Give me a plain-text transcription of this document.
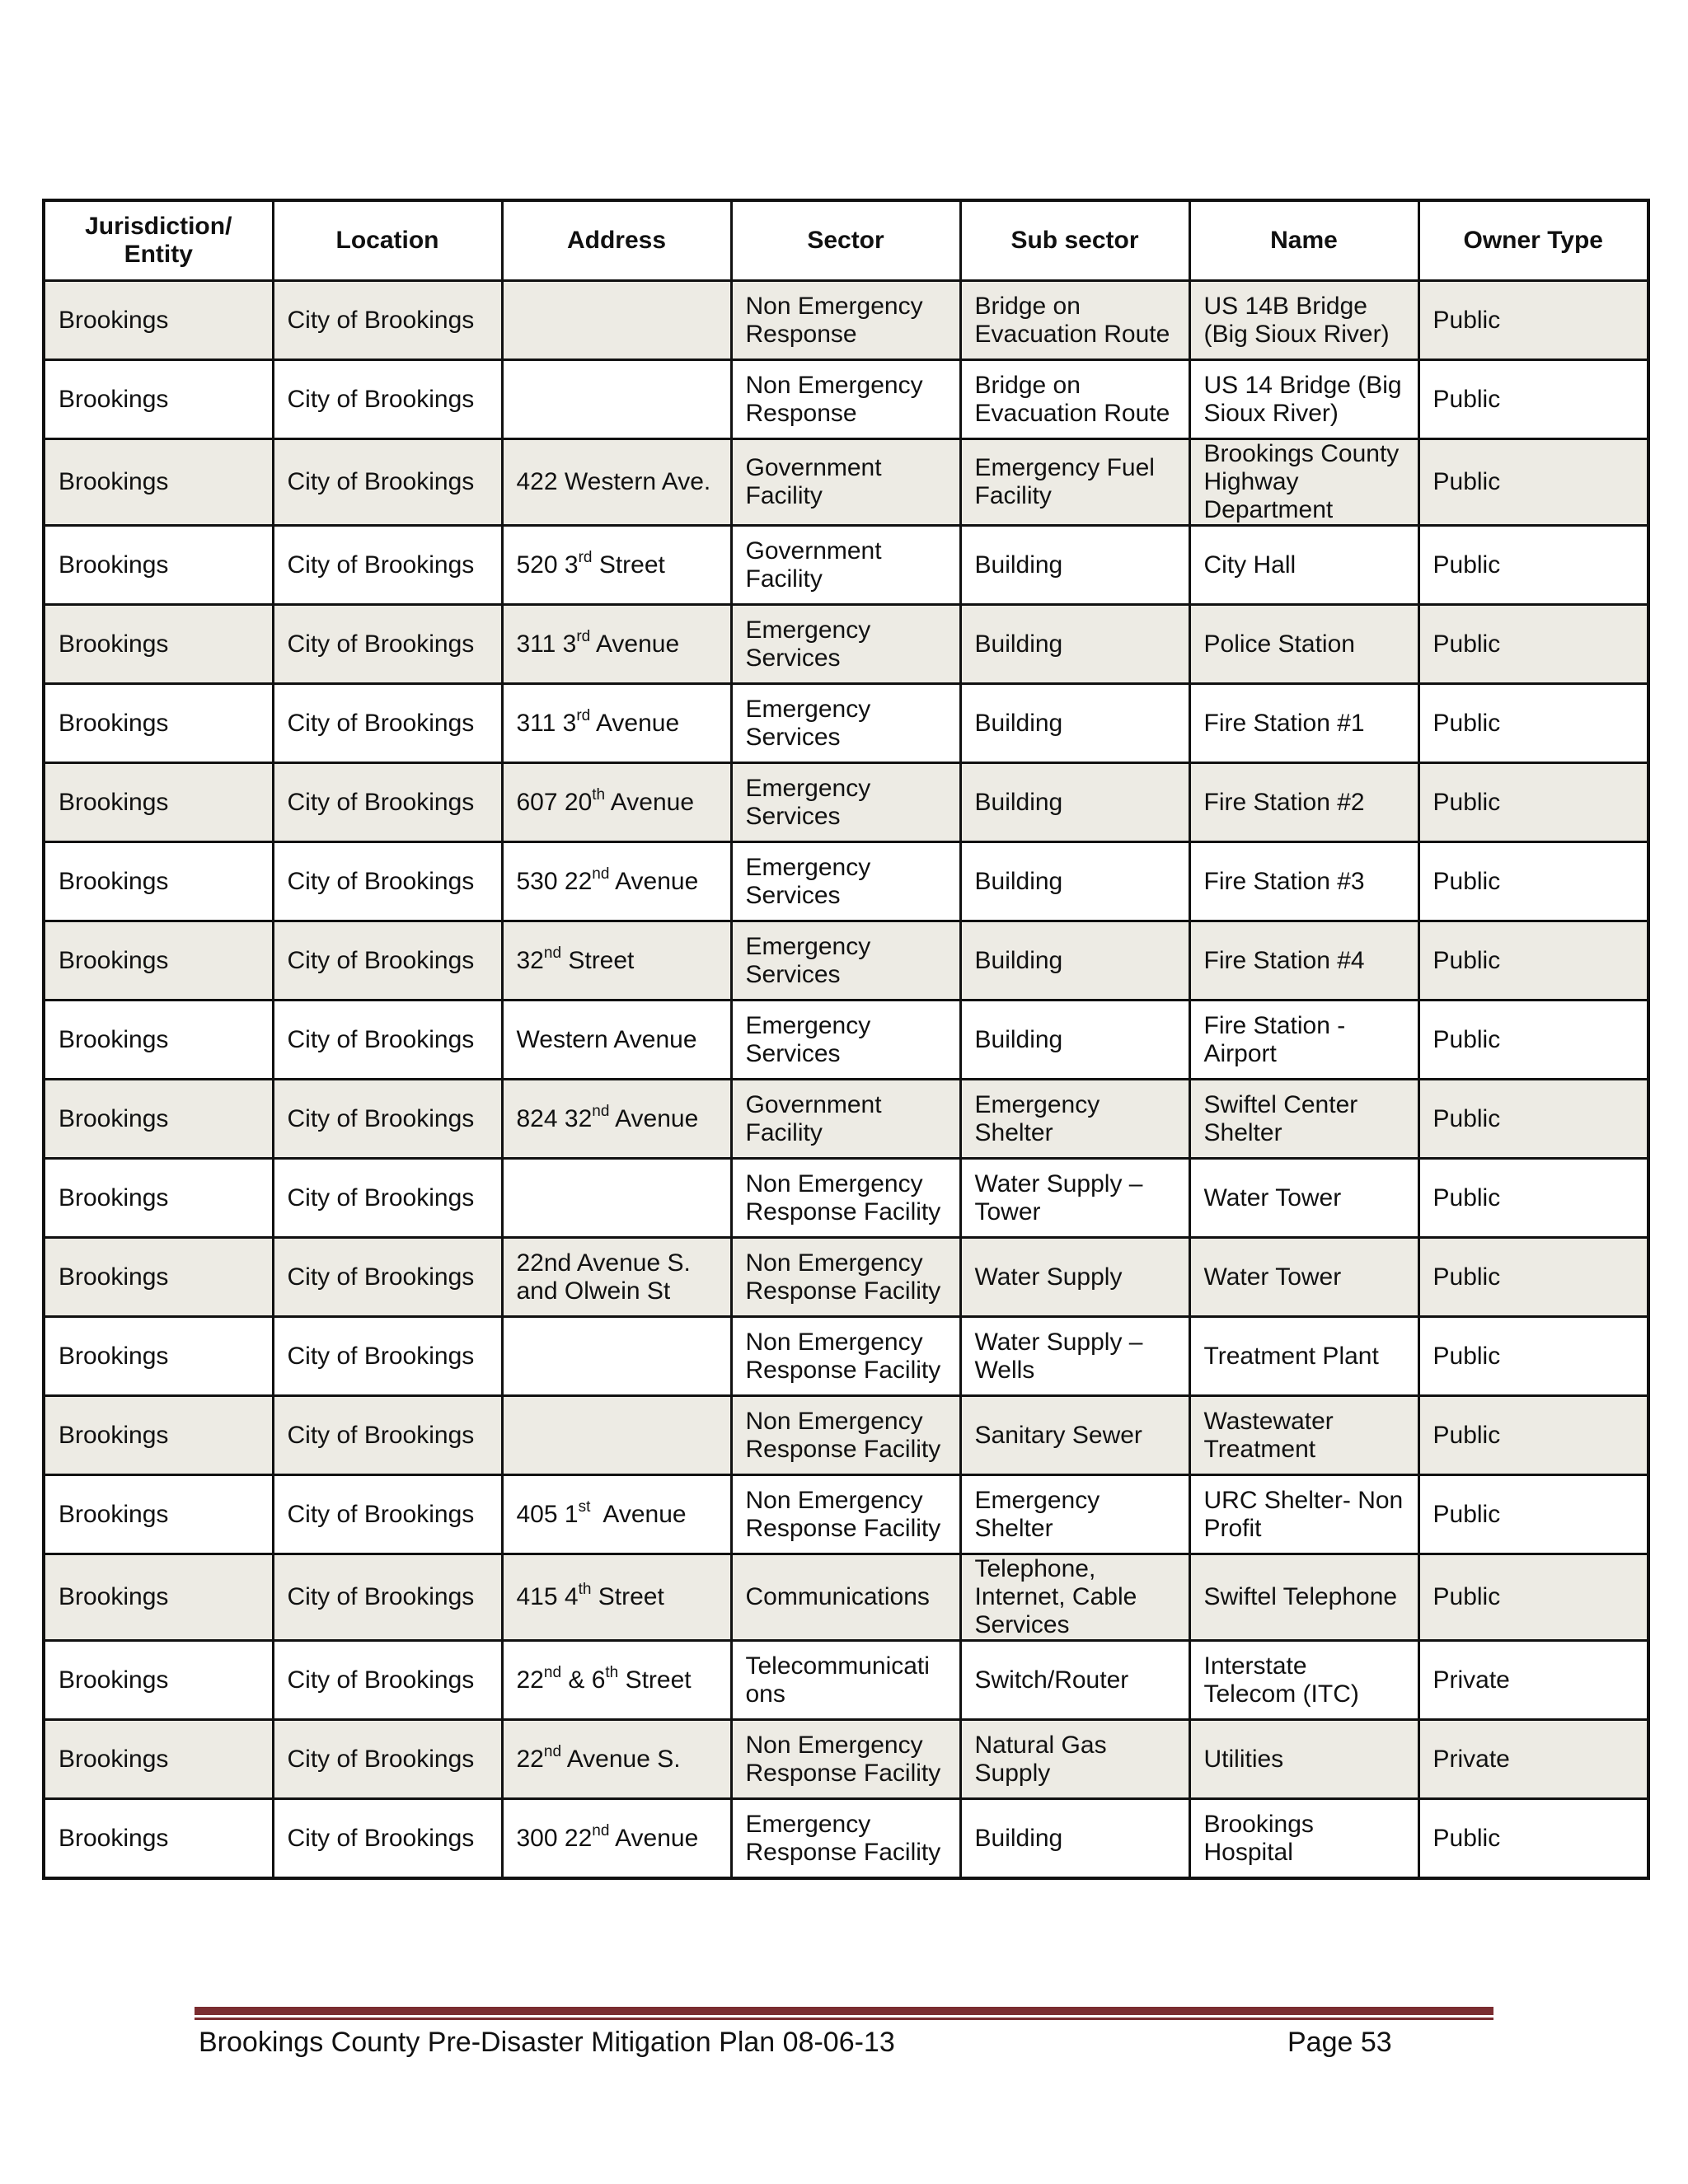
Jurisdiction/ Entity	Location	Address	Sector	Sub sector	Name	Owner Type
Brookings	City of Brookings		Non Emergency Response	Bridge on Evacuation Route	US 14B Bridge (Big Sioux River)	Public
Brookings	City of Brookings		Non Emergency Response	Bridge on Evacuation Route	US 14 Bridge (Big Sioux River)	Public
Brookings	City of Brookings	422 Western Ave.	Government Facility	Emergency Fuel Facility	Brookings County Highway Department	Public
Brookings	City of Brookings	520 3rd Street	Government Facility	Building	City Hall	Public
Brookings	City of Brookings	311 3rd Avenue	Emergency Services	Building	Police Station	Public
Brookings	City of Brookings	311 3rd Avenue	Emergency Services	Building	Fire Station #1	Public
Brookings	City of Brookings	607 20th Avenue	Emergency Services	Building	Fire Station #2	Public
Brookings	City of Brookings	530 22nd Avenue	Emergency Services	Building	Fire Station #3	Public
Brookings	City of Brookings	32nd Street	Emergency Services	Building	Fire Station #4	Public
Brookings	City of Brookings	Western Avenue	Emergency Services	Building	Fire Station - Airport	Public
Brookings	City of Brookings	824 32nd Avenue	Government Facility	Emergency Shelter	Swiftel Center Shelter	Public
Brookings	City of Brookings		Non Emergency Response Facility	Water Supply – Tower	Water Tower	Public
Brookings	City of Brookings	22nd Avenue S. and Olwein St	Non Emergency Response Facility	Water Supply	Water Tower	Public
Brookings	City of Brookings		Non Emergency Response Facility	Water Supply – Wells	Treatment Plant	Public
Brookings	City of Brookings		Non Emergency Response Facility	Sanitary Sewer	Wastewater Treatment	Public
Brookings	City of Brookings	405 1st  Avenue	Non Emergency Response Facility	Emergency Shelter	URC Shelter- Non Profit	Public
Brookings	City of Brookings	415 4th Street	Communications	Telephone, Internet, Cable Services	Swiftel Telephone	Public
Brookings	City of Brookings	22nd & 6th Street	Telecommunicati ons	Switch/Router	Interstate Telecom (ITC)	Private
Brookings	City of Brookings	22nd Avenue S.	Non Emergency Response Facility	Natural Gas Supply	Utilities	Private
Brookings	City of Brookings	300 22nd Avenue	Emergency Response Facility	Building	Brookings Hospital	Public
Brookings County Pre-Disaster Mitigation Plan 08-06-13	Page 53
